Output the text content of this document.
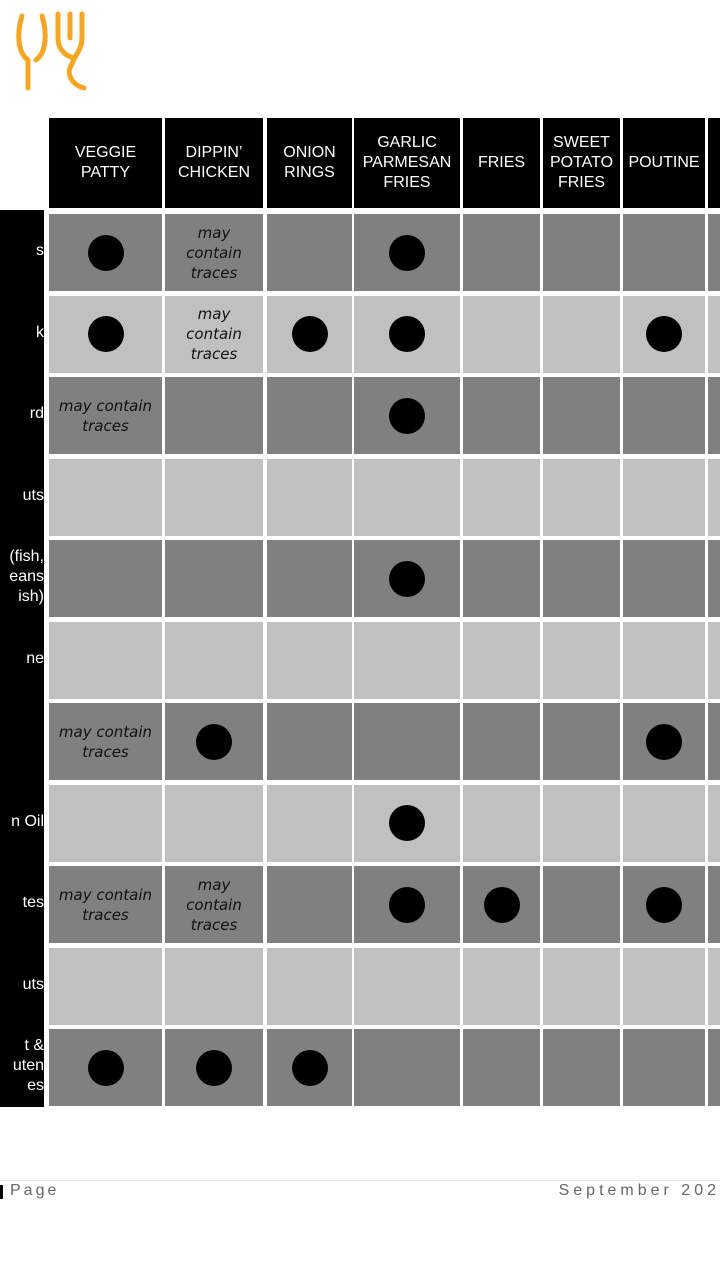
VEGGIE
PATTY
DIPPIN’
CHICKEN
ONION
RINGS
GARLIC
PARMESAN
FRIES
FRIES
SWEET
POTATO
FRIES
POUTINE
s
may
contain
traces
k
may
contain
traces
rd may contain
traces
uts
(fish,
eans
ish)
ne
may contain
traces
n Oil
tes may contain
traces
may
contain
traces
uts
t &
uten
es
Page	September 202
